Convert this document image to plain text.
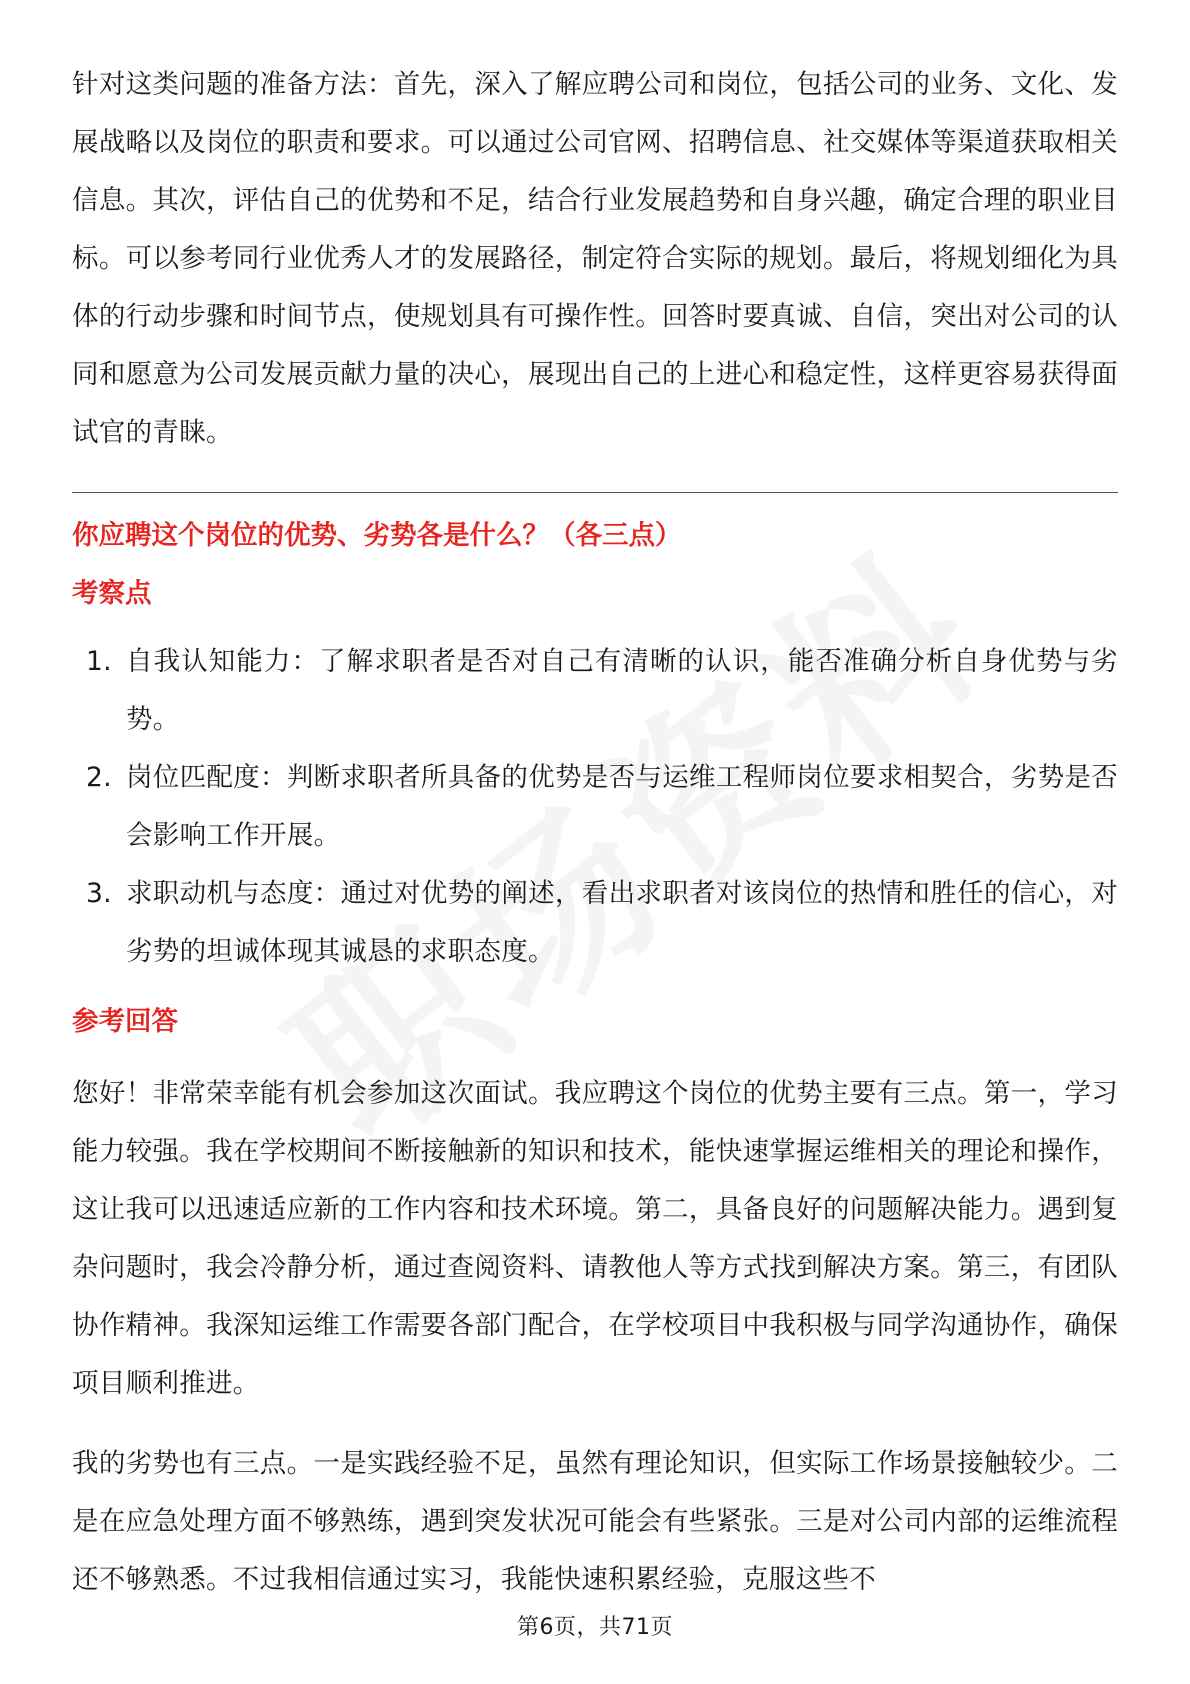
针对这类问题的准备方法：首先，深入了解应聘公司和岗位，包括公司的业务、文化、发展战略以及岗位的职责和要求。可以通过公司官网、招聘信息、社交媒体等渠道获取相关信息。其次，评估自己的优势和不足，结合行业发展趋势和自身兴趣，确定合理的职业目标。可以参考同行业优秀人才的发展路径，制定符合实际的规划。最后，将规划细化为具体的行动步骤和时间节点，使规划具有可操作性。回答时要真诚、自信，突出对公司的认同和愿意为公司发展贡献力量的决心，展现出自己的上进心和稳定性，这样更容易获得面试官的青睐。

你应聘这个岗位的优势、劣势各是什么？（各三点）
考察点
1. 自我认知能力：了解求职者是否对自己有清晰的认识，能否准确分析自身优势与劣势。
2. 岗位匹配度：判断求职者所具备的优势是否与运维工程师岗位要求相契合，劣势是否会影响工作开展。
3. 求职动机与态度：通过对优势的阐述，看出求职者对该岗位的热情和胜任的信心，对劣势的坦诚体现其诚恳的求职态度。
参考回答

您好！非常荣幸能有机会参加这次面试。我应聘这个岗位的优势主要有三点。第一，学习能力较强。我在学校期间不断接触新的知识和技术，能快速掌握运维相关的理论和操作，这让我可以迅速适应新的工作内容和技术环境。第二，具备良好的问题解决能力。遇到复杂问题时，我会冷静分析，通过查阅资料、请教他人等方式找到解决方案。第三，有团队协作精神。我深知运维工作需要各部门配合，在学校项目中我积极与同学沟通协作，确保项目顺利推进。

我的劣势也有三点。一是实践经验不足，虽然有理论知识，但实际工作场景接触较少。二是在应急处理方面不够熟练，遇到突发状况可能会有些紧张。三是对公司内部的运维流程还不够熟悉。不过我相信通过实习，我能快速积累经验，克服这些不

第6页，共71页
